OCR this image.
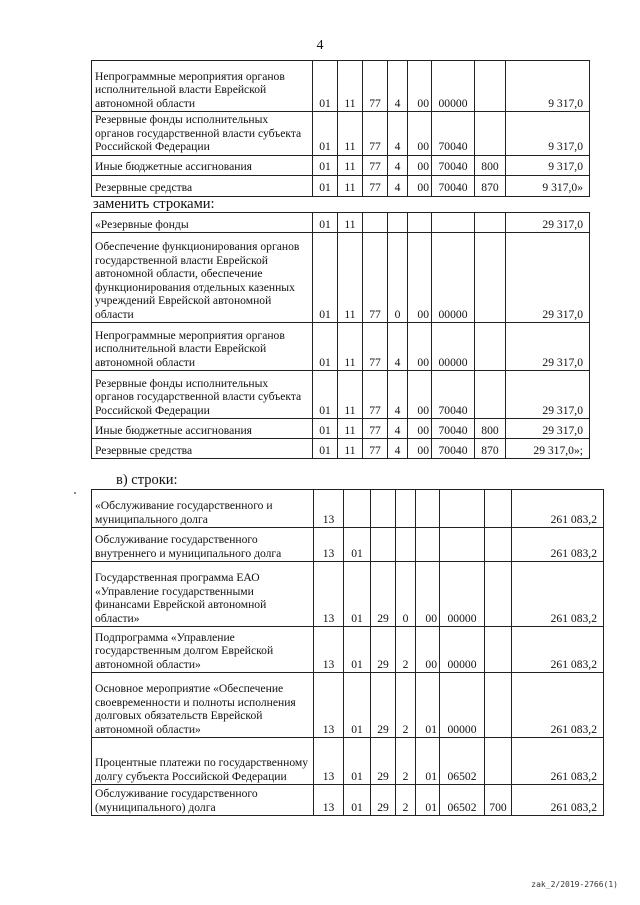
4
Непрограммные мероприятия органов исполнительной власти Еврейской автономной области	01	11	77	4	00	00000		9 317,0
Резервные фонды исполнительных органов государственной власти субъекта Российской Федерации	01	11	77	4	00	70040		9 317,0
Иные бюджетные ассигнования	01	11	77	4	00	70040	800	9 317,0
Резервные средства	01	11	77	4	00	70040	870	9 317,0»
заменить строками:
«Резервные фонды	01	11						29 317,0
Обеспечение функционирования органов государственной власти Еврейской автономной области, обеспечение функционирования отдельных казенных учреждений Еврейской автономной области	01	11	77	0	00	00000		29 317,0
Непрограммные мероприятия органов исполнительной власти Еврейской автономной области	01	11	77	4	00	00000		29 317,0
Резервные фонды исполнительных органов государственной власти субъекта Российской Федерации	01	11	77	4	00	70040		29 317,0
Иные бюджетные ассигнования	01	11	77	4	00	70040	800	29 317,0
Резервные средства	01	11	77	4	00	70040	870	29 317,0»;
в) строки:
«Обслуживание государственного и муниципального долга	13							261 083,2
Обслуживание государственного внутреннего и муниципального долга	13	01						261 083,2
Государственная программа ЕАО «Управление государственными финансами Еврейской автономной области»	13	01	29	0	00	00000		261 083,2
Подпрограмма «Управление государственным долгом Еврейской автономной области»	13	01	29	2	00	00000		261 083,2
Основное мероприятие «Обеспечение своевременности и полноты исполнения долговых обязательств Еврейской автономной области»	13	01	29	2	01	00000		261 083,2
Процентные платежи по государственному долгу субъекта Российской Федерации	13	01	29	2	01	06502		261 083,2
Обслуживание государственного (муниципального) долга	13	01	29	2	01	06502	700	261 083,2
zak_2/2019-2766(1)
